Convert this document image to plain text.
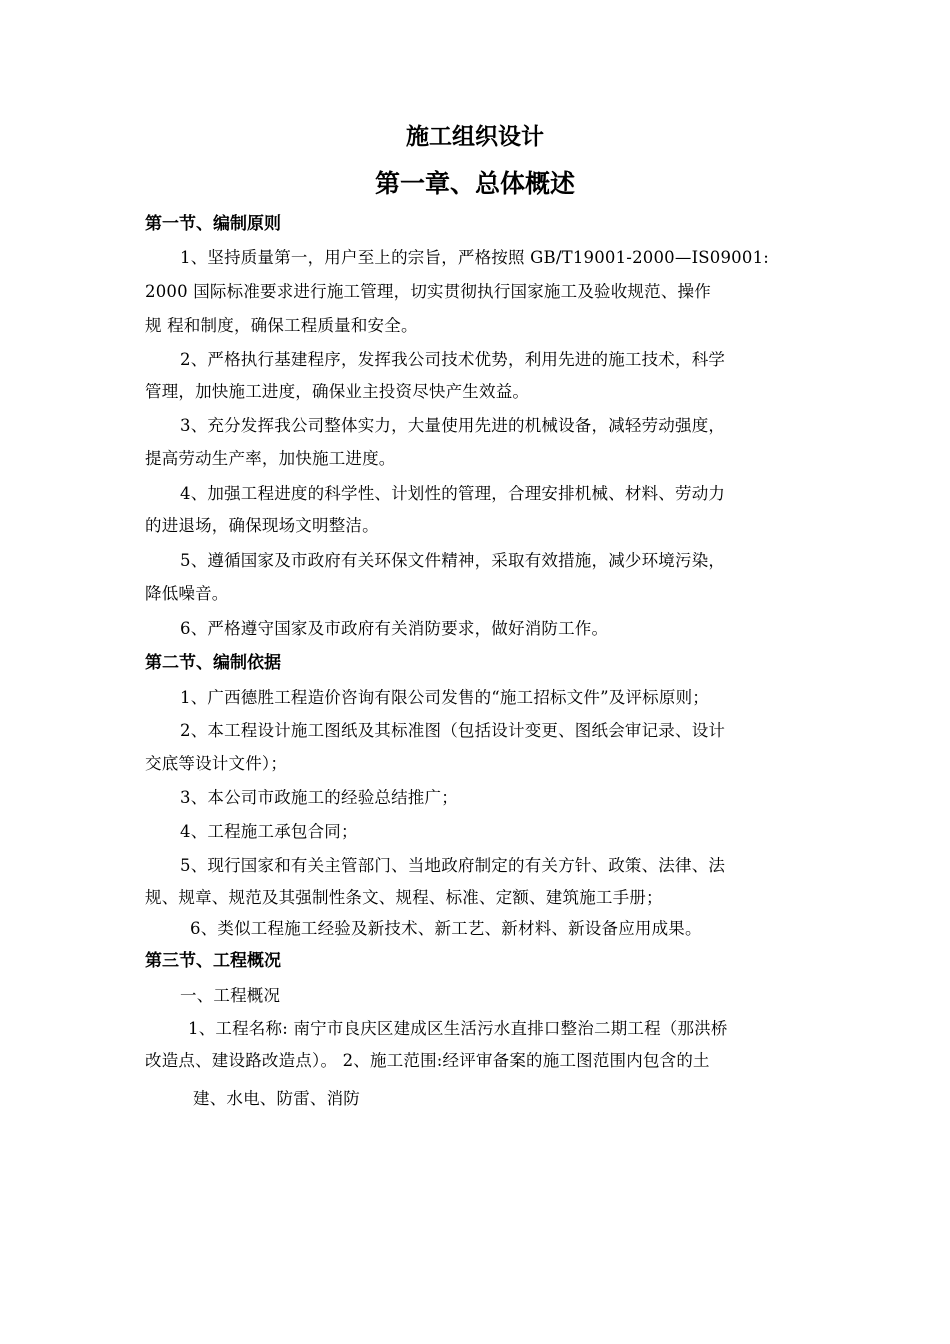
施工组织设计
第一章、总体概述
第一节、编制原则
1、坚持质量第一，用户至上的宗旨，严格按照 GB/T19001-2000—IS09001:
2000 国际标准要求进行施工管理，切实贯彻执行国家施工及验收规范、操作
规 程和制度，确保工程质量和安全。
2、严格执行基建程序，发挥我公司技术优势，利用先进的施工技术，科学
管理，加快施工进度，确保业主投资尽快产生效益。
3、充分发挥我公司整体实力，大量使用先进的机械设备，减轻劳动强度，
提高劳动生产率，加快施工进度。
4、加强工程进度的科学性、计划性的管理，合理安排机械、材料、劳动力
的进退场，确保现场文明整洁。
5、遵循国家及市政府有关环保文件精神，采取有效措施，减少环境污染，
降低噪音。
6、严格遵守国家及市政府有关消防要求，做好消防工作。
第二节、编制依据
1、广西德胜工程造价咨询有限公司发售的“施工招标文件”及评标原则；
2、本工程设计施工图纸及其标准图（包括设计变更、图纸会审记录、设计
交底等设计文件）；
3、本公司市政施工的经验总结推广；
4、工程施工承包合同；
5、现行国家和有关主管部门、当地政府制定的有关方针、政策、法律、法
规、规章、规范及其强制性条文、规程、标准、定额、建筑施工手册；
6、类似工程施工经验及新技术、新工艺、新材料、新设备应用成果。
第三节、工程概况
一、工程概况
1、工程名称: 南宁市良庆区建成区生活污水直排口整治二期工程（那洪桥
改造点、建设路改造点）。 2、施工范围:经评审备案的施工图范围内包含的土
建、水电、防雷、消防
